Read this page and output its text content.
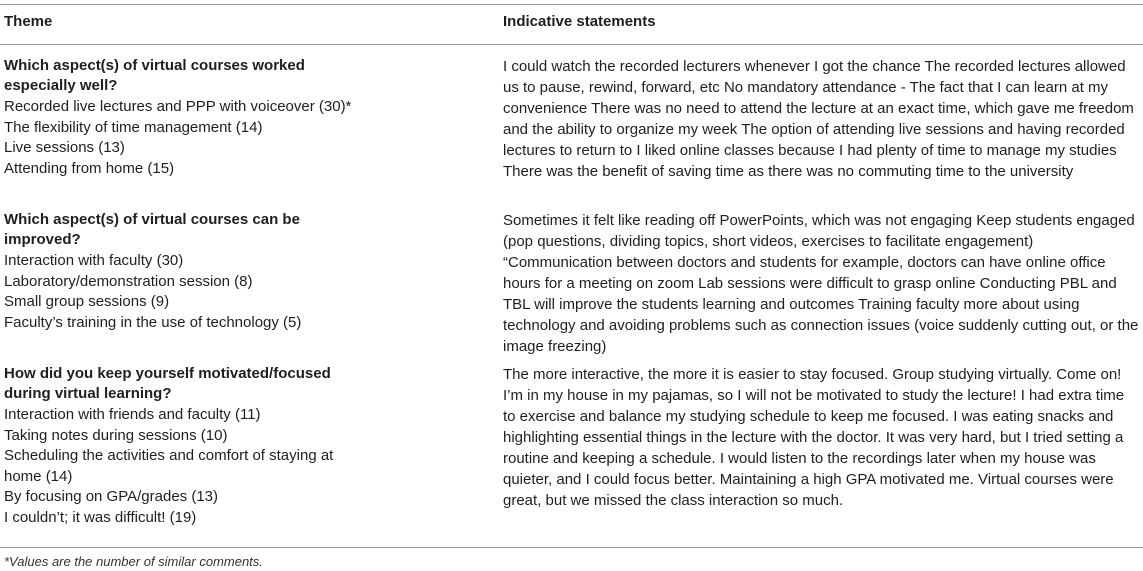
Theme	Indicative statements

Which aspect(s) of virtual courses worked especially well?

Recorded live lectures and PPP with voiceover (30)*

The flexibility of time management (14)

Live sessions (13)

Attending from home (15)

I could watch the recorded lecturers whenever I got the chance The recorded lectures allowed us to pause, rewind, forward, etc No mandatory attendance - The fact that I can learn at my convenience There was no need to attend the lecture at an exact time, which gave me freedom and the ability to organize my week The option of attending live sessions and having recorded lectures to return to I liked online classes because I had plenty of time to manage my studies There was the benefit of saving time as there was no commuting time to the university

Which aspect(s) of virtual courses can be improved?

Interaction with faculty (30)

Laboratory/demonstration session (8)

Small group sessions (9)

Faculty’s training in the use of technology (5)

Sometimes it felt like reading off PowerPoints, which was not engaging Keep students engaged (pop questions, dividing topics, short videos, exercises to facilitate engagement) “Communication between doctors and students for example, doctors can have online office hours for a meeting on zoom Lab sessions were difficult to grasp online Conducting PBL and TBL will improve the students learning and outcomes Training faculty more about using technology and avoiding problems such as connection issues (voice suddenly cutting out, or the image freezing)

How did you keep yourself motivated/focused during virtual learning?

Interaction with friends and faculty (11)

Taking notes during sessions (10)

Scheduling the activities and comfort of staying at home (14)

By focusing on GPA/grades (13)

I couldn’t; it was difficult! (19)

The more interactive, the more it is easier to stay focused. Group studying virtually. Come on! I’m in my house in my pajamas, so I will not be motivated to study the lecture! I had extra time to exercise and balance my studying schedule to keep me focused. I was eating snacks and highlighting essential things in the lecture with the doctor. It was very hard, but I tried setting a routine and keeping a schedule. I would listen to the recordings later when my house was quieter, and I could focus better. Maintaining a high GPA motivated me. Virtual courses were great, but we missed the class interaction so much.

*Values are the number of similar comments.
